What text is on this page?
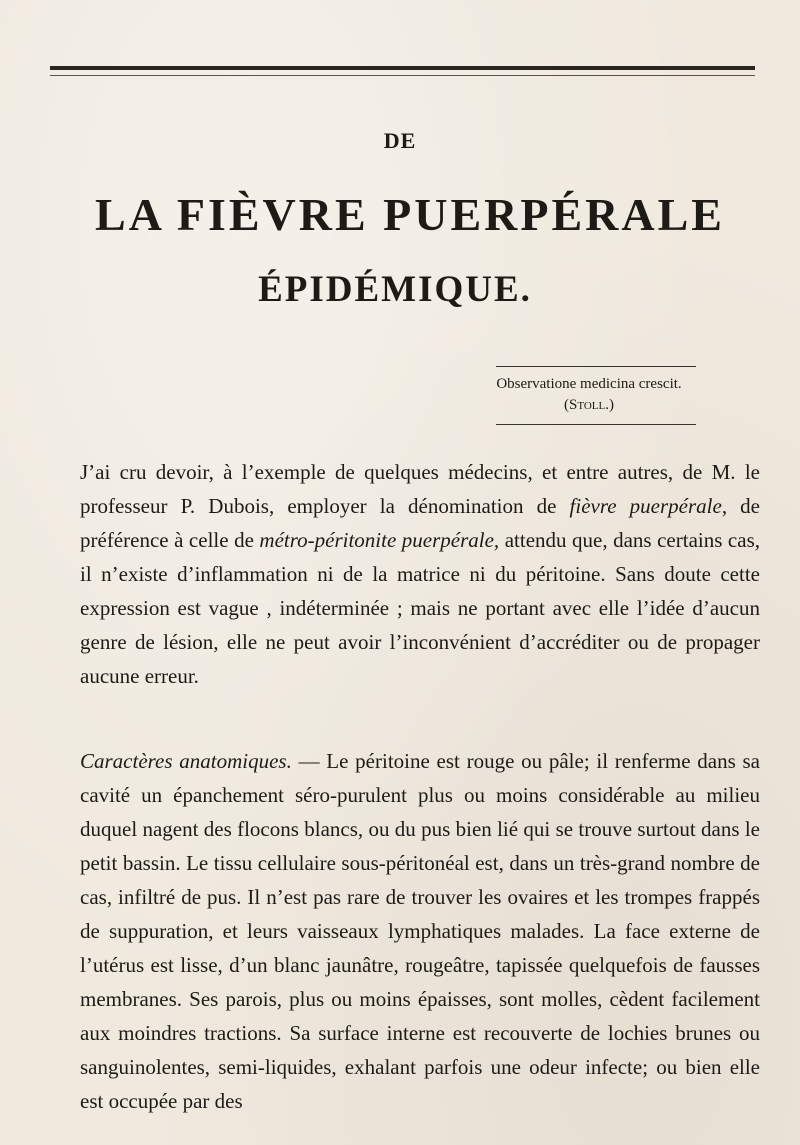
DE
LA FIÈVRE PUERPÉRALE
ÉPIDÉMIQUE.
Observatione medicina crescit.
(Stoll.)

J’ai cru devoir, à l’exemple de quelques médecins, et entre autres, de M. le professeur P. Dubois, employer la dénomination de fièvre puerpérale, de préférence à celle de métro-péritonite puerpérale, attendu que, dans certains cas, il n’existe d’inflammation ni de la matrice ni du péritoine. Sans doute cette expression est vague , indéterminée ; mais ne portant avec elle l’idée d’aucun genre de lésion, elle ne peut avoir l’inconvénient d’accréditer ou de propager aucune erreur.

Caractères anatomiques. — Le péritoine est rouge ou pâle; il renferme dans sa cavité un épanchement séro-purulent plus ou moins considérable au milieu duquel nagent des flocons blancs, ou du pus bien lié qui se trouve surtout dans le petit bassin. Le tissu cellulaire sous-péritonéal est, dans un très-grand nombre de cas, infiltré de pus. Il n’est pas rare de trouver les ovaires et les trompes frappés de suppuration, et leurs vaisseaux lymphatiques malades. La face externe de l’utérus est lisse, d’un blanc jaunâtre, rougeâtre, tapissée quelquefois de fausses membranes. Ses parois, plus ou moins épaisses, sont molles, cèdent facilement aux moindres tractions. Sa surface interne est recouverte de lochies brunes ou sanguinolentes, semi-liquides, exhalant parfois une odeur infecte; ou bien elle est occupée par des
